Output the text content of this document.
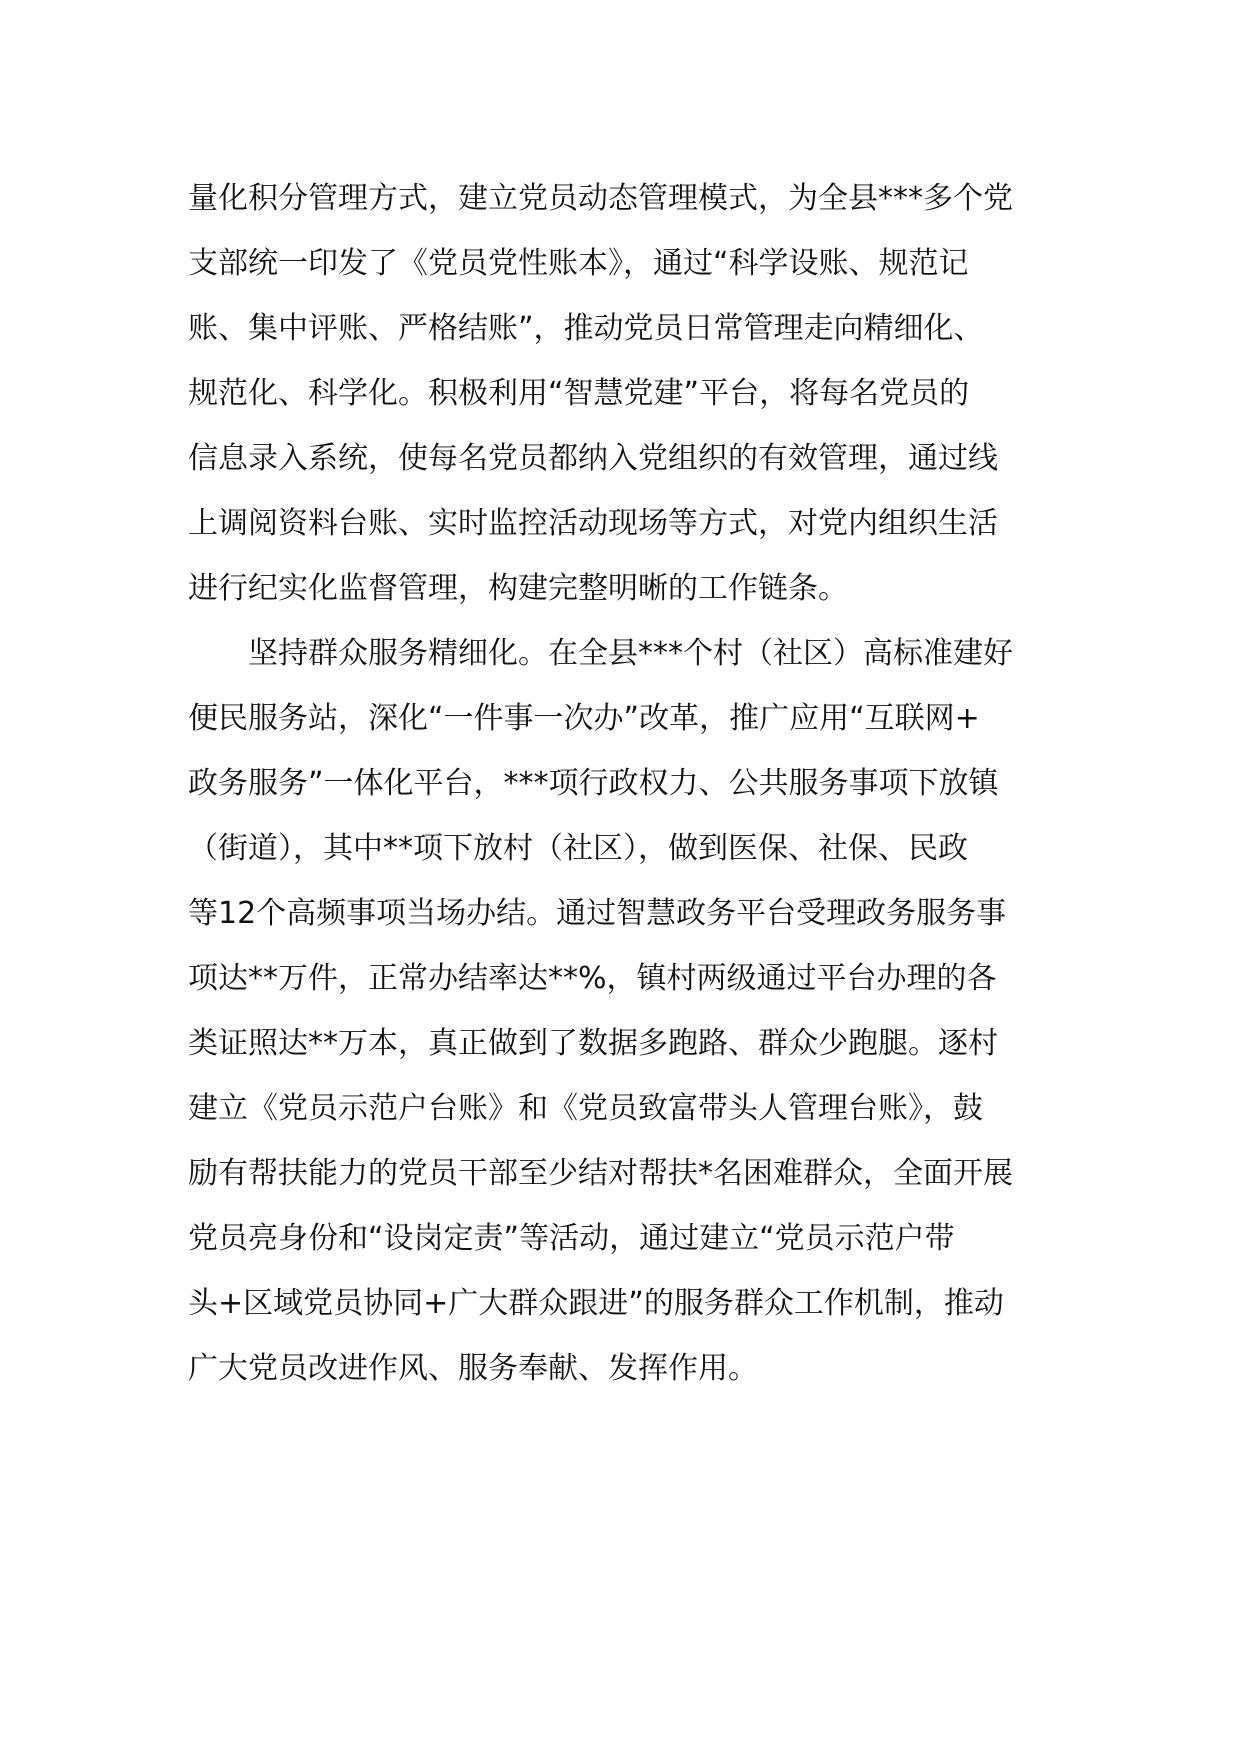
量化积分管理方式，建立党员动态管理模式，为全县***多个党
支部统一印发了《党员党性账本》，通过“科学设账、规范记
账、集中评账、严格结账”，推动党员日常管理走向精细化、
规范化、科学化。积极利用“智慧党建”平台，将每名党员的
信息录入系统，使每名党员都纳入党组织的有效管理，通过线
上调阅资料台账、实时监控活动现场等方式，对党内组织生活
进行纪实化监督管理，构建完整明晰的工作链条。
坚持群众服务精细化。在全县***个村（社区）高标准建好
便民服务站，深化“一件事一次办”改革，推广应用“互联网+
政务服务”一体化平台，***项行政权力、公共服务事项下放镇
（街道），其中**项下放村（社区），做到医保、社保、民政
等12个高频事项当场办结。通过智慧政务平台受理政务服务事
项达**万件，正常办结率达**%，镇村两级通过平台办理的各
类证照达**万本，真正做到了数据多跑路、群众少跑腿。逐村
建立《党员示范户台账》和《党员致富带头人管理台账》，鼓
励有帮扶能力的党员干部至少结对帮扶*名困难群众，全面开展
党员亮身份和“设岗定责”等活动，通过建立“党员示范户带
头+区域党员协同+广大群众跟进”的服务群众工作机制，推动
广大党员改进作风、服务奉献、发挥作用。
